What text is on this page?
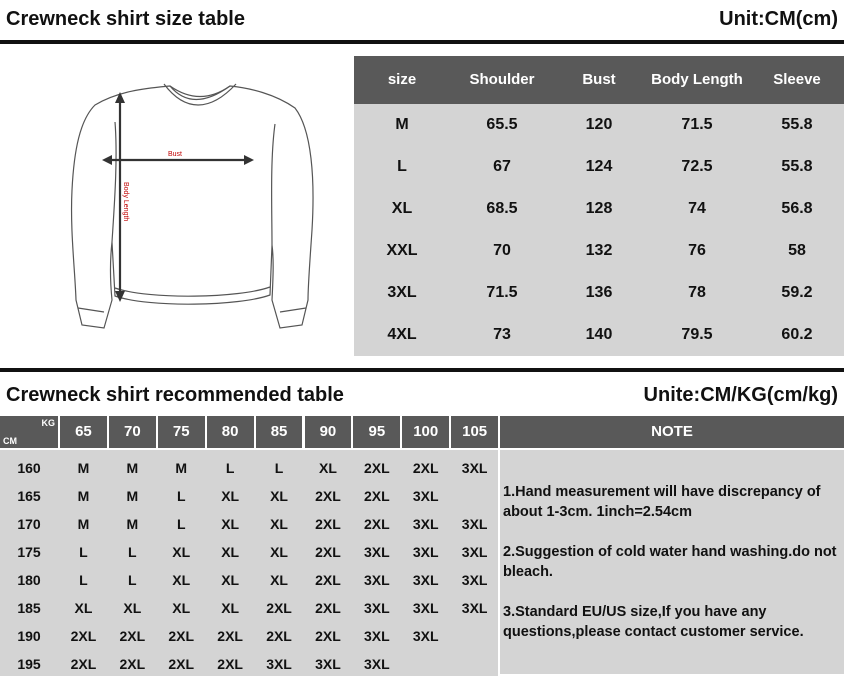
Crewneck shirt size table	Unit:CM(cm)
Bust
Body Length
size	Shoulder	Bust	Body Length	Sleeve
M	65.5	120	71.5	55.8
L	67	124	72.5	55.8
XL	68.5	128	74	56.8
XXL	70	132	76	58
3XL	71.5	136	78	59.2
4XL	73	140	79.5	60.2
Crewneck shirt recommended table	Unite:CM/KG(cm/kg)
KG
CM
65	70	75	80	85	90	95	100	105
160	M	M	M	L	L	XL	2XL	2XL	3XL
165	M	M	L	XL	XL	2XL	2XL	3XL
170	M	M	L	XL	XL	2XL	2XL	3XL	3XL
175	L	L	XL	XL	XL	2XL	3XL	3XL	3XL
180	L	L	XL	XL	XL	2XL	3XL	3XL	3XL
185	XL	XL	XL	XL	2XL	2XL	3XL	3XL	3XL
190	2XL	2XL	2XL	2XL	2XL	2XL	3XL	3XL
195	2XL	2XL	2XL	2XL	3XL	3XL	3XL
NOTE
1.Hand measurement will have discrepancy of about 1-3cm. 1inch=2.54cm
2.Suggestion of cold water hand washing.do not bleach.
3.Standard EU/US size,If you have any questions,please contact customer service.
